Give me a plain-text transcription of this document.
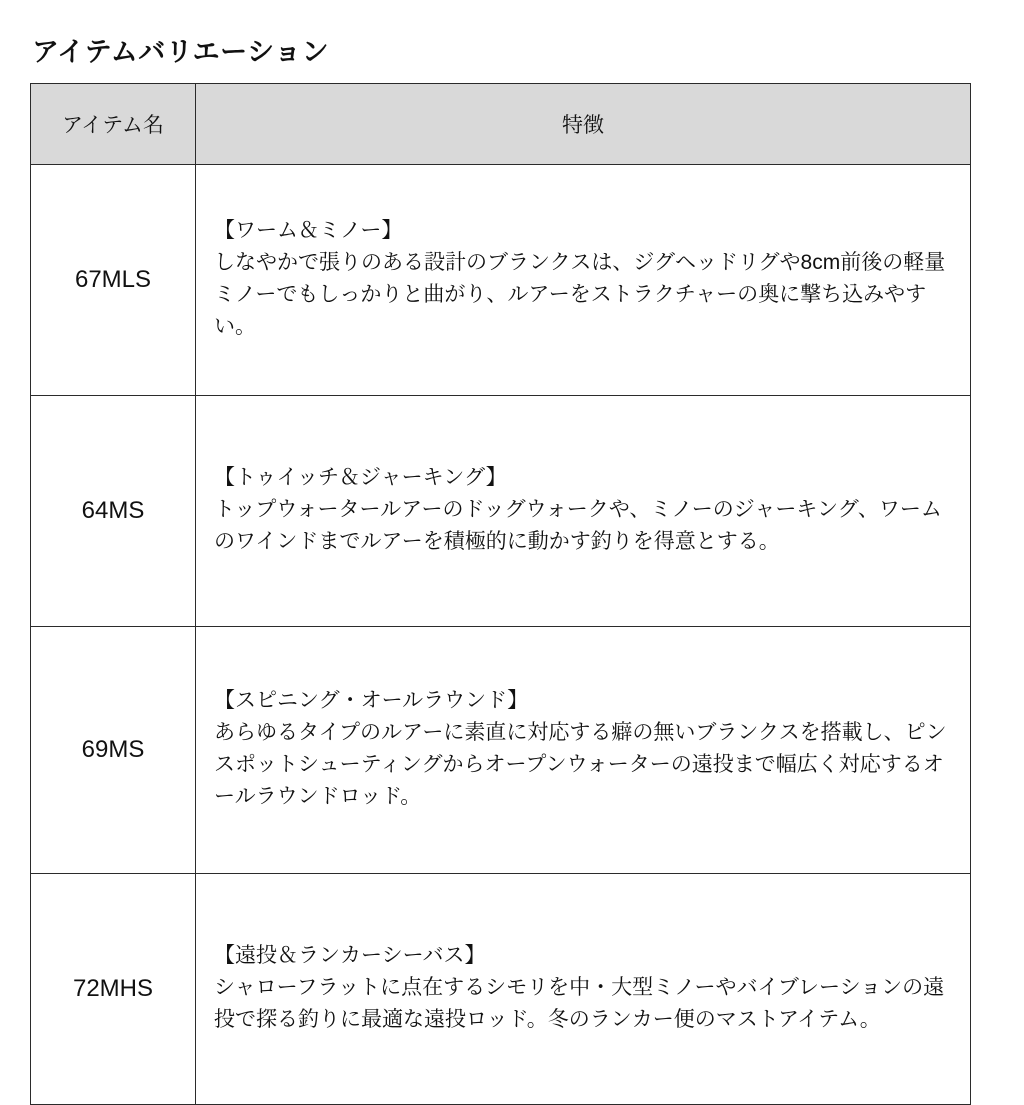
アイテムバリエーション
アイテム名	特徴
67MLS	【ワーム＆ミノー】
しなやかで張りのある設計のブランクスは、ジグヘッドリグや8cm前後の軽量ミノーでもしっかりと曲がり、ルアーをストラクチャーの奥に撃ち込みやすい。

64MS	【トゥイッチ＆ジャーキング】
トップウォータールアーのドッグウォークや、ミノーのジャーキング、ワームのワインドまでルアーを積極的に動かす釣りを得意とする。

69MS	【スピニング・オールラウンド】
あらゆるタイプのルアーに素直に対応する癖の無いブランクスを搭載し、ピンスポットシューティングからオープンウォーターの遠投まで幅広く対応するオールラウンドロッド。

72MHS	【遠投＆ランカーシーバス】
シャローフラットに点在するシモリを中・大型ミノーやバイブレーションの遠投で探る釣りに最適な遠投ロッド。冬のランカー便のマストアイテム。
